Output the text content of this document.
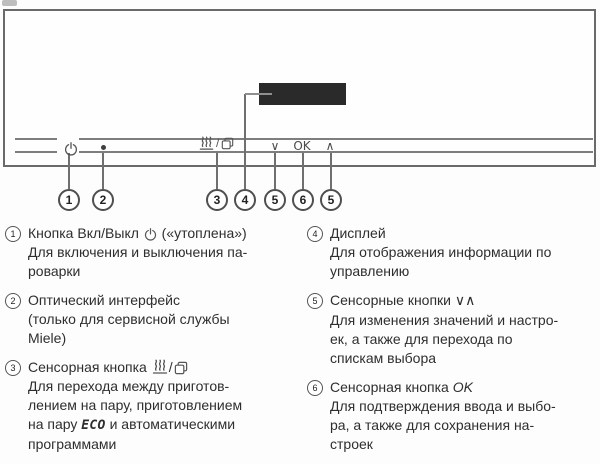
/	∨ OK ∧
1	2	3	4	5	6	5
1 Кнопка Вкл/Выкл  («утоплена»)
Для включения и выключения па-
роварки
2 Оптический интерфейс
(только для сервисной службы
Miele)
3 Сенсорная кнопка /
Для перехода между приготов-
лением на пару, приготовлением
на пару ECO и автоматическими
программами
4 Дисплей
Для отображения информации по
управлению
5 Сенсорные кнопки ∨∧
Для изменения значений и настро-
ек, а также для перехода по
спискам выбора
6 Сенсорная кнопка OK
Для подтверждения ввода и выбо-
ра, а также для сохранения на-
строек
